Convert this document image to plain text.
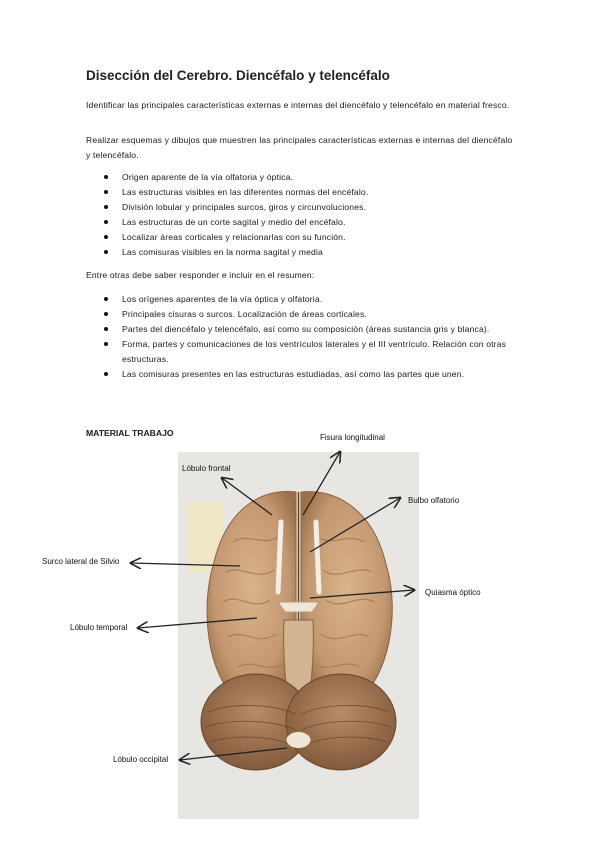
Disección del Cerebro. Diencéfalo y telencéfalo

Identificar las principales características externas e internas del diencéfalo y telencéfalo en material fresco.

Realizar esquemas y dibujos que muestren las principales características externas e internas del diencéfalo y telencéfalo.

Origen aparente de la vía olfatoria y óptica.
Las estructuras visibles en las diferentes normas del encéfalo.
División lobular y principales surcos, giros y circunvoluciones.
Las estructuras de un corte sagital y medio del encéfalo.
Localizar áreas corticales y relacionarlas con su función.
Las comisuras visibles en la norma sagital y media

Entre otras debe saber responder e incluir en el resumen:

Los orígenes aparentes de la vía óptica y olfatoria.
Principales cisuras o surcos. Localización de áreas corticales.
Partes del diencéfalo y telencéfalo, así como su composición (áreas sustancia gris y blanca).
Forma, partes y comunicaciones de los ventrículos laterales y el III ventrículo. Relación con otras estructuras.
Las comisuras presentes en las estructuras estudiadas, así como las partes que unen.
MATERIAL TRABAJO	Fisura longitudinal
Lóbulo frontal
Bulbo olfatorio
Surco lateral de Silvio
Quiasma óptico
Lóbulo temporal
Lóbulo occipital
